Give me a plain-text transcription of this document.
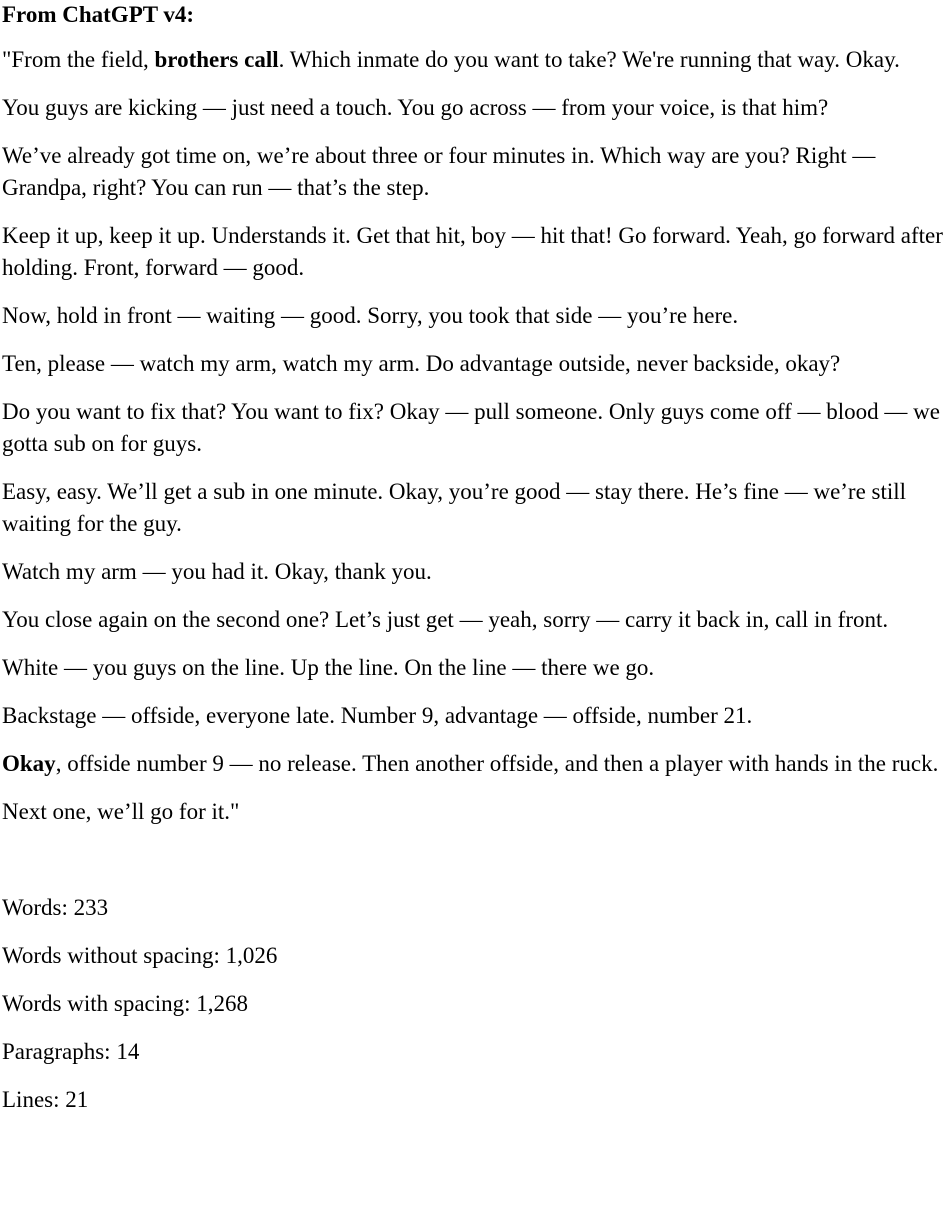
From ChatGPT v4:

"From the field, brothers call. Which inmate do you want to take? We're running that way. Okay.

You guys are kicking — just need a touch. You go across — from your voice, is that him?

We’ve already got time on, we’re about three or four minutes in. Which way are you? Right — Grandpa, right? You can run — that’s the step.

Keep it up, keep it up. Understands it. Get that hit, boy — hit that! Go forward. Yeah, go forward after holding. Front, forward — good.

Now, hold in front — waiting — good. Sorry, you took that side — you’re here.

Ten, please — watch my arm, watch my arm. Do advantage outside, never backside, okay?

Do you want to fix that? You want to fix? Okay — pull someone. Only guys come off — blood — we gotta sub on for guys.

Easy, easy. We’ll get a sub in one minute. Okay, you’re good — stay there. He’s fine — we’re still waiting for the guy.

Watch my arm — you had it. Okay, thank you.

You close again on the second one? Let’s just get — yeah, sorry — carry it back in, call in front.

White — you guys on the line. Up the line. On the line — there we go.

Backstage — offside, everyone late. Number 9, advantage — offside, number 21.

Okay, offside number 9 — no release. Then another offside, and then a player with hands in the ruck.

Next one, we’ll go for it."

Words: 233

Words without spacing: 1,026

Words with spacing: 1,268

Paragraphs: 14

Lines: 21
